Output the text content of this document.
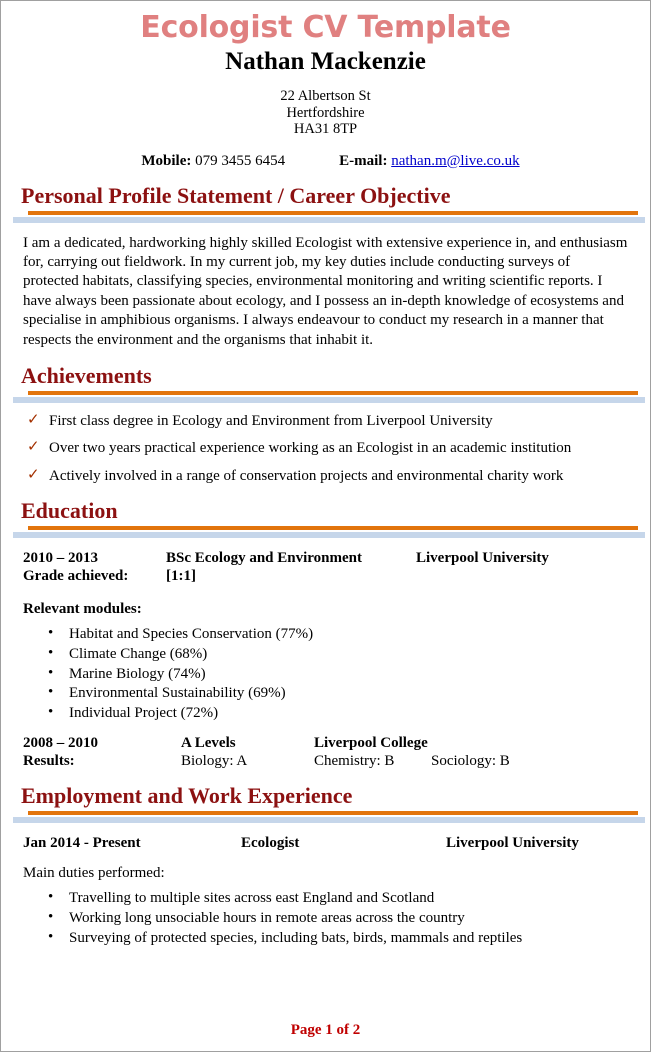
Ecologist CV Template
Nathan Mackenzie
22 Albertson St
Hertfordshire
HA31 8TP
Mobile: 079 3455 6454	E-mail: nathan.m@live.co.uk
Personal Profile Statement / Career Objective

I am a dedicated, hardworking highly skilled Ecologist with extensive experience in, and enthusiasm for, carrying out fieldwork. In my current job, my key duties include conducting surveys of protected habitats, classifying species, environmental monitoring and writing scientific reports. I have always been passionate about ecology, and I possess an in-depth knowledge of ecosystems and specialise in amphibious organisms. I always endeavour to conduct my research in a manner that respects the environment and the organisms that inhabit it.

Achievements
✓ First class degree in Ecology and Environment from Liverpool University
✓ Over two years practical experience working as an Ecologist in an academic institution
✓ Actively involved in a range of conservation projects and environmental charity work
Education
2010 – 2013	BSc Ecology and Environment	Liverpool University
Grade achieved:	[1:1]
Relevant modules:
• Habitat and Species Conservation (77%)
• Climate Change (68%)
• Marine Biology (74%)
• Environmental Sustainability (69%)
• Individual Project (72%)
2008 – 2010	A Levels	Liverpool College
Results:	Biology: A	Chemistry: B Sociology: B
Employment and Work Experience
Jan 2014 - Present	Ecologist	Liverpool University
Main duties performed:
• Travelling to multiple sites across east England and Scotland
• Working long unsociable hours in remote areas across the country
• Surveying of protected species, including bats, birds, mammals and reptiles
Page 1 of 2
